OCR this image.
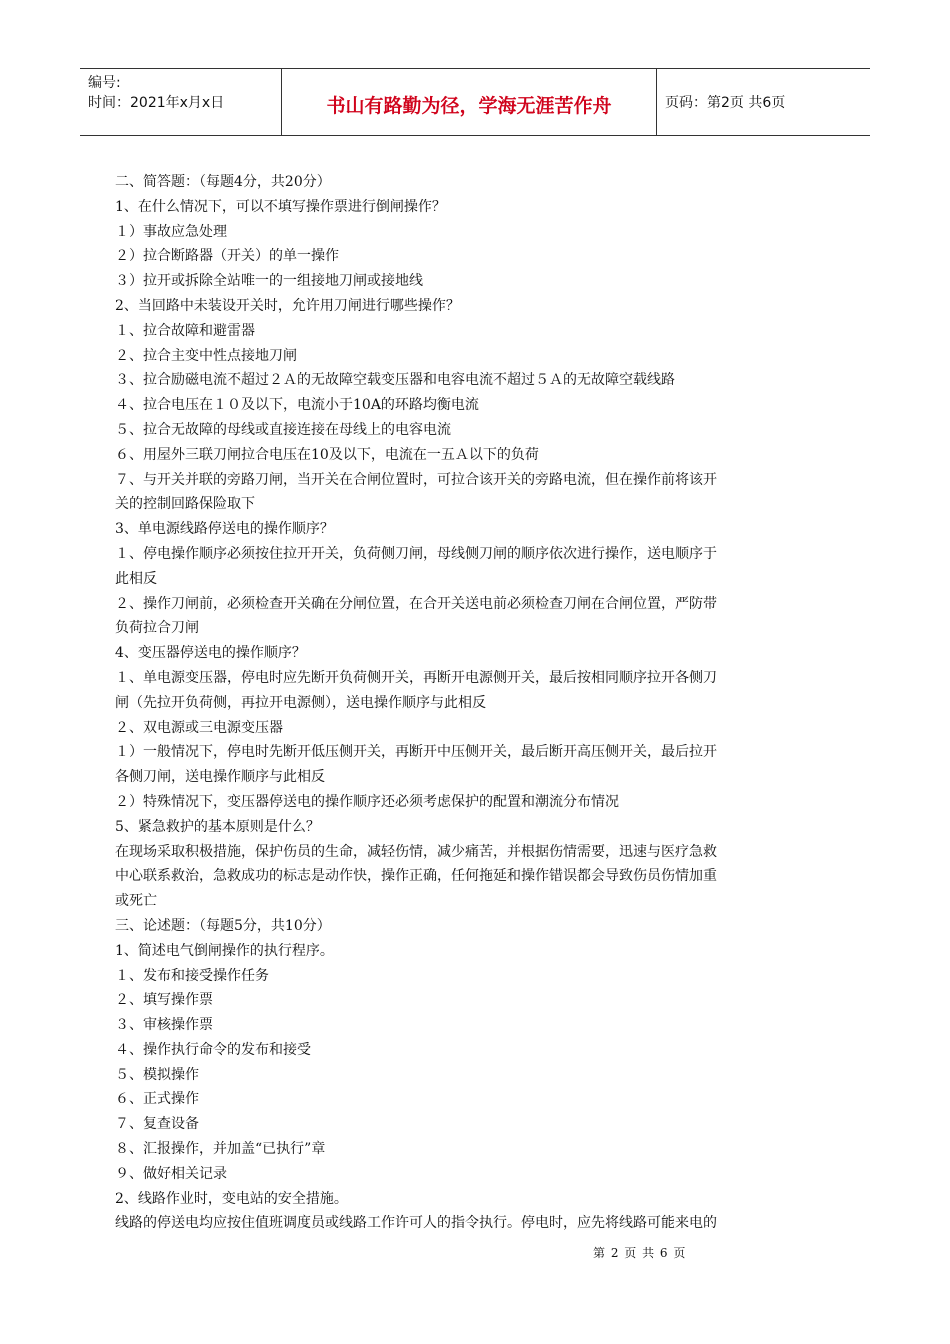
编号:
时间：2021年x月x日	书山有路勤为径，学海无涯苦作舟	页码：第2页 共6页
二、简答题：（每题4分，共20分）
1、在什么情况下，可以不填写操作票进行倒闸操作？
１）事故应急处理
２）拉合断路器（开关）的单一操作
３）拉开或拆除全站唯一的一组接地刀闸或接地线
2、当回路中未装设开关时，允许用刀闸进行哪些操作？
１、拉合故障和避雷器
２、拉合主变中性点接地刀闸
３、拉合励磁电流不超过２Ａ的无故障空载变压器和电容电流不超过５Ａ的无故障空载线路
４、拉合电压在１０及以下，电流小于10A的环路均衡电流
５、拉合无故障的母线或直接连接在母线上的电容电流
６、用屋外三联刀闸拉合电压在10及以下，电流在一五Ａ以下的负荷
７、与开关并联的旁路刀闸，当开关在合闸位置时，可拉合该开关的旁路电流，但在操作前将该开
关的控制回路保险取下
3、单电源线路停送电的操作顺序？
１、停电操作顺序必须按住拉开开关，负荷侧刀闸，母线侧刀闸的顺序依次进行操作，送电顺序于
此相反
２、操作刀闸前，必须检查开关确在分闸位置，在合开关送电前必须检查刀闸在合闸位置，严防带
负荷拉合刀闸
4、变压器停送电的操作顺序？
１、单电源变压器，停电时应先断开负荷侧开关，再断开电源侧开关，最后按相同顺序拉开各侧刀
闸（先拉开负荷侧，再拉开电源侧），送电操作顺序与此相反
２、双电源或三电源变压器
１）一般情况下，停电时先断开低压侧开关，再断开中压侧开关，最后断开高压侧开关，最后拉开
各侧刀闸，送电操作顺序与此相反
２）特殊情况下，变压器停送电的操作顺序还必须考虑保护的配置和潮流分布情况
5、紧急救护的基本原则是什么？
在现场采取积极措施，保护伤员的生命，减轻伤情，减少痛苦，并根据伤情需要，迅速与医疗急救
中心联系救治，急救成功的标志是动作快，操作正确，任何拖延和操作错误都会导致伤员伤情加重
或死亡
三、论述题：（每题5分，共10分）
1、简述电气倒闸操作的执行程序。
１、发布和接受操作任务
２、填写操作票
３、审核操作票
４、操作执行命令的发布和接受
５、模拟操作
６、正式操作
７、复查设备
８、汇报操作，并加盖“已执行”章
９、做好相关记录
2、线路作业时，变电站的安全措施。
线路的停送电均应按住值班调度员或线路工作许可人的指令执行。停电时，应先将线路可能来电的
第 2 页 共 6 页
